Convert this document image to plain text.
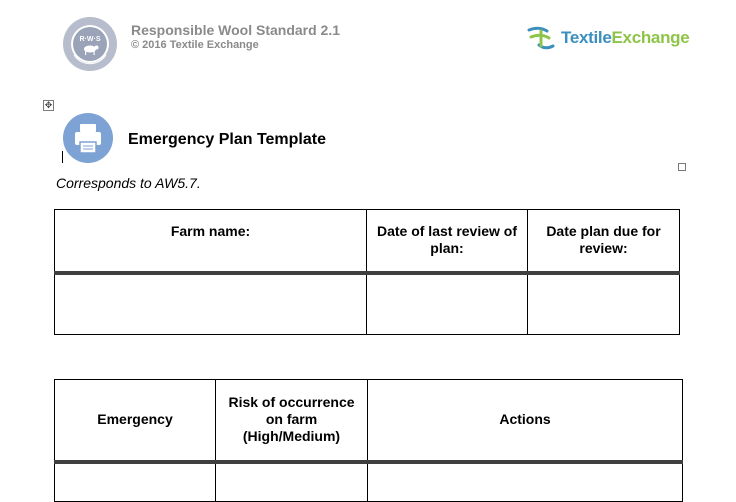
R·W·S
Responsible Wool Standard 2.1
© 2016 Textile Exchange	TextileExchange
✥
Emergency Plan Template
Corresponds to AW5.7.
Farm name:	Date of last review of plan:	Date plan due for review:

Emergency	Risk of occurrence on farm (High/Medium)	Actions
